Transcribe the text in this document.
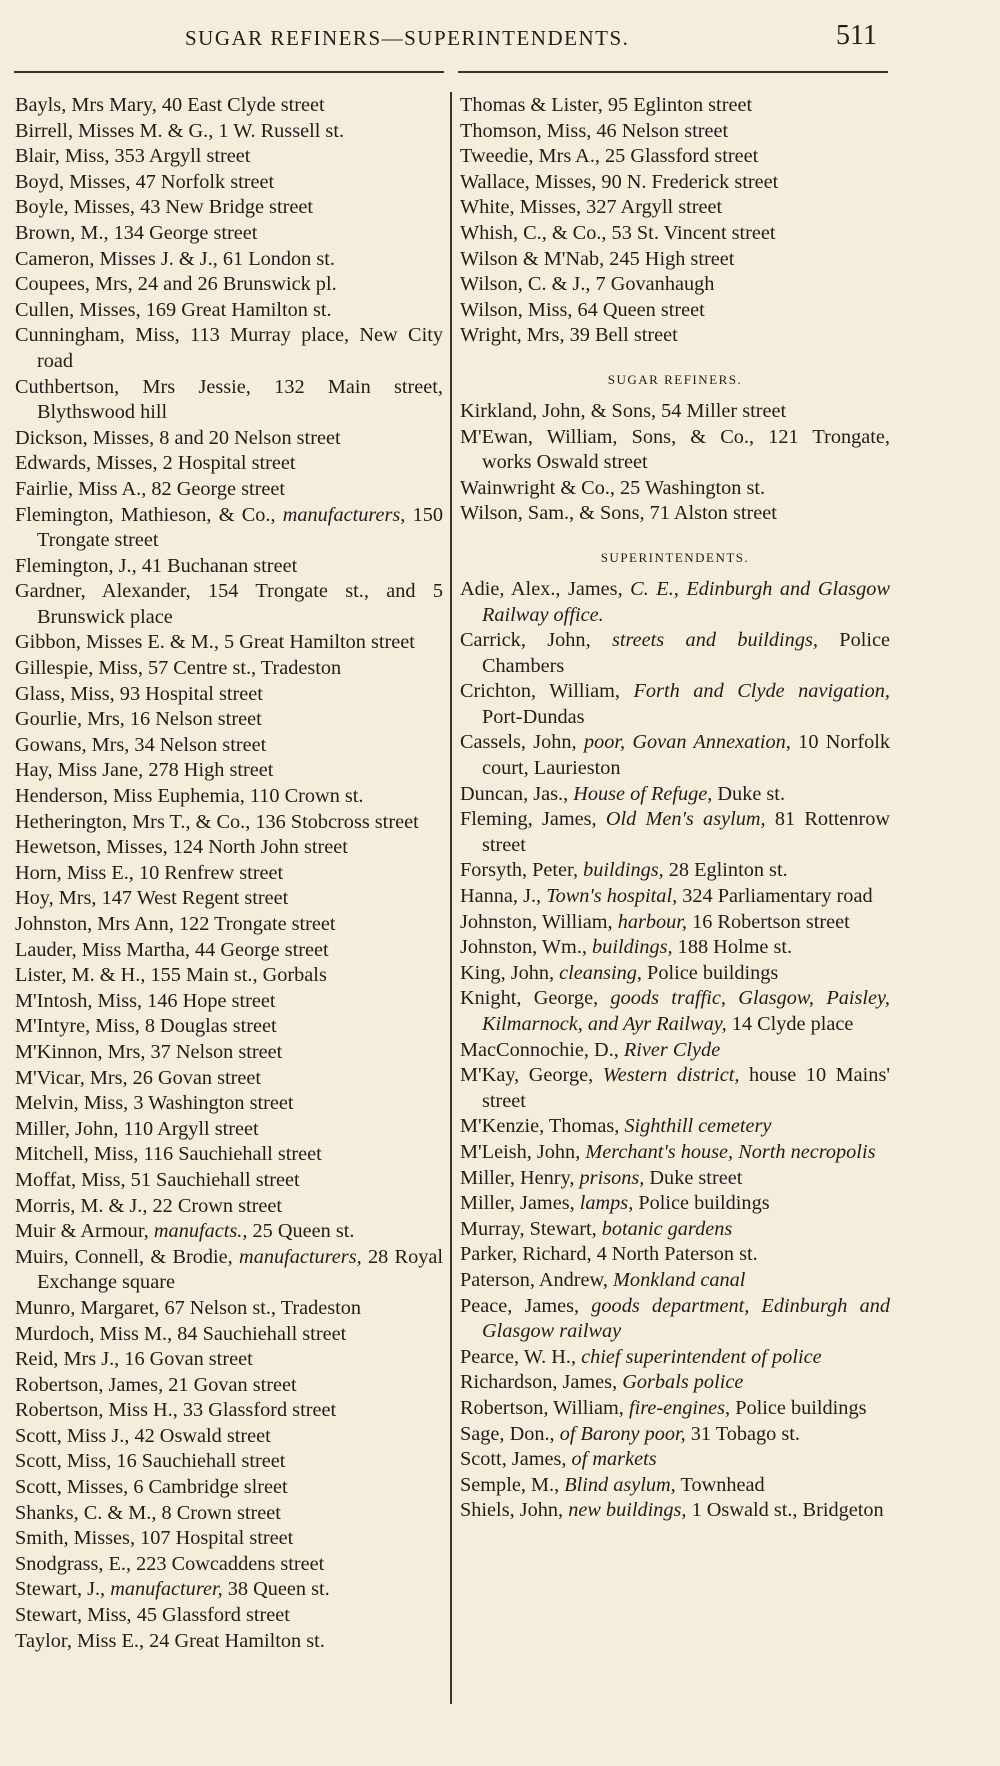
SUGAR REFINERS—SUPERINTENDENTS.	511
Bayls, Mrs Mary, 40 East Clyde street
Birrell, Misses M. & G., 1 W. Russell st.
Blair, Miss, 353 Argyll street
Boyd, Misses, 47 Norfolk street
Boyle, Misses, 43 New Bridge street
Brown, M., 134 George street
Cameron, Misses J. & J., 61 London st.
Coupees, Mrs, 24 and 26 Brunswick pl.
Cullen, Misses, 169 Great Hamilton st.
Cunningham, Miss, 113 Murray place, New City road
Cuthbertson, Mrs Jessie, 132 Main street, Blythswood hill
Dickson, Misses, 8 and 20 Nelson street
Edwards, Misses, 2 Hospital street
Fairlie, Miss A., 82 George street
Flemington, Mathieson, & Co., manufacturers, 150 Trongate street
Flemington, J., 41 Buchanan street
Gardner, Alexander, 154 Trongate st., and 5 Brunswick place
Gibbon, Misses E. & M., 5 Great Hamilton street
Gillespie, Miss, 57 Centre st., Tradeston
Glass, Miss, 93 Hospital street
Gourlie, Mrs, 16 Nelson street
Gowans, Mrs, 34 Nelson street
Hay, Miss Jane, 278 High street
Henderson, Miss Euphemia, 110 Crown st.
Hetherington, Mrs T., & Co., 136 Stobcross street
Hewetson, Misses, 124 North John street
Horn, Miss E., 10 Renfrew street
Hoy, Mrs, 147 West Regent street
Johnston, Mrs Ann, 122 Trongate street
Lauder, Miss Martha, 44 George street
Lister, M. & H., 155 Main st., Gorbals
M'Intosh, Miss, 146 Hope street
M'Intyre, Miss, 8 Douglas street
M'Kinnon, Mrs, 37 Nelson street
M'Vicar, Mrs, 26 Govan street
Melvin, Miss, 3 Washington street
Miller, John, 110 Argyll street
Mitchell, Miss, 116 Sauchiehall street
Moffat, Miss, 51 Sauchiehall street
Morris, M. & J., 22 Crown street
Muir & Armour, manufacts., 25 Queen st.
Muirs, Connell, & Brodie, manufacturers, 28 Royal Exchange square
Munro, Margaret, 67 Nelson st., Tradeston
Murdoch, Miss M., 84 Sauchiehall street
Reid, Mrs J., 16 Govan street
Robertson, James, 21 Govan street
Robertson, Miss H., 33 Glassford street
Scott, Miss J., 42 Oswald street
Scott, Miss, 16 Sauchiehall street
Scott, Misses, 6 Cambridge slreet
Shanks, C. & M., 8 Crown street
Smith, Misses, 107 Hospital street
Snodgrass, E., 223 Cowcaddens street
Stewart, J., manufacturer, 38 Queen st.
Stewart, Miss, 45 Glassford street
Taylor, Miss E., 24 Great Hamilton st.
Thomas & Lister, 95 Eglinton street
Thomson, Miss, 46 Nelson street
Tweedie, Mrs A., 25 Glassford street
Wallace, Misses, 90 N. Frederick street
White, Misses, 327 Argyll street
Whish, C., & Co., 53 St. Vincent street
Wilson & M'Nab, 245 High street
Wilson, C. & J., 7 Govanhaugh
Wilson, Miss, 64 Queen street
Wright, Mrs, 39 Bell street
SUGAR REFINERS.
Kirkland, John, & Sons, 54 Miller street
M'Ewan, William, Sons, & Co., 121 Trongate, works Oswald street
Wainwright & Co., 25 Washington st.
Wilson, Sam., & Sons, 71 Alston street
SUPERINTENDENTS.
Adie, Alex., James, C. E., Edinburgh and Glasgow Railway office.
Carrick, John, streets and buildings, Police Chambers
Crichton, William, Forth and Clyde navigation, Port-Dundas
Cassels, John, poor, Govan Annexation, 10 Norfolk court, Laurieston
Duncan, Jas., House of Refuge, Duke st.
Fleming, James, Old Men's asylum, 81 Rottenrow street
Forsyth, Peter, buildings, 28 Eglinton st.
Hanna, J., Town's hospital, 324 Parliamentary road
Johnston, William, harbour, 16 Robertson street
Johnston, Wm., buildings, 188 Holme st.
King, John, cleansing, Police buildings
Knight, George, goods traffic, Glasgow, Paisley, Kilmarnock, and Ayr Railway, 14 Clyde place
MacConnochie, D., River Clyde
M'Kay, George, Western district, house 10 Mains' street
M'Kenzie, Thomas, Sighthill cemetery
M'Leish, John, Merchant's house, North necropolis
Miller, Henry, prisons, Duke street
Miller, James, lamps, Police buildings
Murray, Stewart, botanic gardens
Parker, Richard, 4 North Paterson st.
Paterson, Andrew, Monkland canal
Peace, James, goods department, Edinburgh and Glasgow railway
Pearce, W. H., chief superintendent of police
Richardson, James, Gorbals police
Robertson, William, fire-engines, Police buildings
Sage, Don., of Barony poor, 31 Tobago st.
Scott, James, of markets
Semple, M., Blind asylum, Townhead
Shiels, John, new buildings, 1 Oswald st., Bridgeton
